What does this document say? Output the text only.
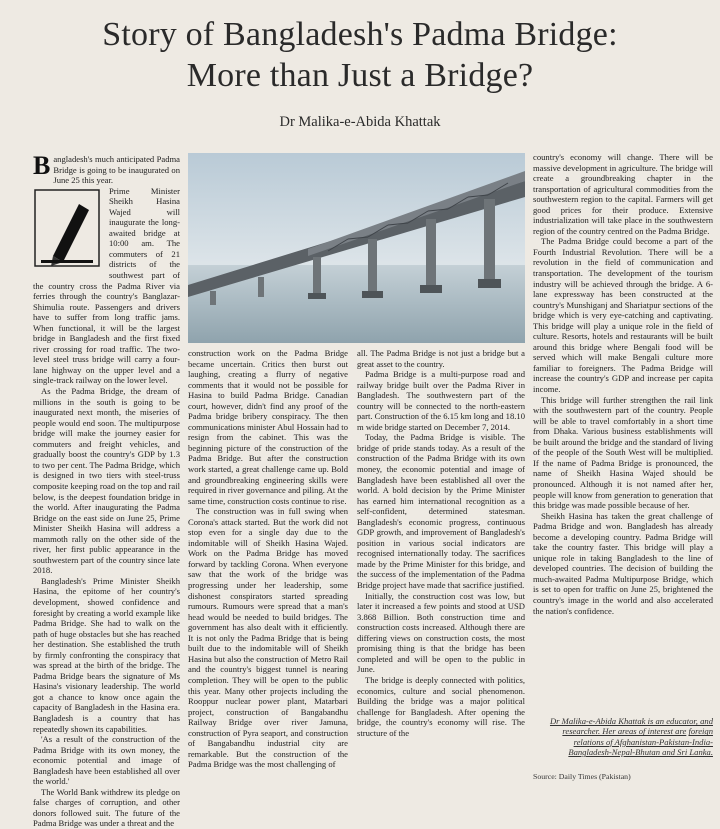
Story of Bangladesh's Padma Bridge:
More than Just a Bridge?
Dr Malika-e-Abida Khattak

Bangladesh's much anticipated Padma Bridge is going to be inaugurated on June 25 this year.

Prime Minister Sheikh Hasina Wajed will inaugurate the long-awaited bridge at 10:00 am. The commuters of 21 districts of the southwest part of the country cross the Padma River via ferries through the country's Banglazar-Shimulia route. Passengers and drivers have to suffer from long traffic jams. When functional, it will be the largest bridge in Bangladesh and the first fixed river crossing for road traffic. The two-level steel truss bridge will carry a four-lane highway on the upper level and a single-track railway on the lower level.

As the Padma Bridge, the dream of millions in the south is going to be inaugurated next month, the miseries of people would end soon. The multipurpose bridge will make the journey easier for commuters and freight vehicles, and gradually boost the country's GDP by 1.3 to two per cent. The Padma Bridge, which is designed in two tiers with steel-truss composite keeping road on the top and rail below, is the deepest foundation bridge in the world. After inaugurating the Padma Bridge on the east side on June 25, Prime Minister Sheikh Hasina will address a mammoth rally on the other side of the river, her first public appearance in the southwestern part of the country since late 2018.

Bangladesh's Prime Minister Sheikh Hasina, the epitome of her country's development, showed confidence and foresight by creating a world example like Padma Bridge. She had to walk on the path of huge obstacles but she has reached her destination. She established the truth by firmly confronting the conspiracy that was spread at the birth of the bridge. The Padma Bridge bears the signature of Ms Hasina's visionary leadership. The world got a chance to know once again the capacity of Bangladesh in the Hasina era. Bangladesh is a country that has repeatedly shown its capabilities.

'As a result of the construction of the Padma Bridge with its own money, the economic potential and image of Bangladesh have been established all over the world.'

The World Bank withdrew its pledge on false charges of corruption, and other donors followed suit. The future of the Padma Bridge was under a threat and the

construction work on the Padma Bridge became uncertain. Critics then burst out laughing, creating a flurry of negative comments that it would not be possible for Hasina to build Padma Bridge. Canadian court, however, didn't find any proof of the Padma bridge bribery conspiracy. The then communications minister Abul Hossain had to resign from the cabinet. This was the beginning picture of the construction of the Padma Bridge. But after the construction work started, a great challenge came up. Bold and groundbreaking engineering skills were required in river governance and piling. At the same time, construction costs continue to rise.

The construction was in full swing when Corona's attack started. But the work did not stop even for a single day due to the indomitable will of Sheikh Hasina Wajed. Work on the Padma Bridge has moved forward by tackling Corona. When everyone saw that the work of the bridge was progressing under her leadership, some dishonest conspirators started spreading rumours. Rumours were spread that a man's head would be needed to build bridges. The government has also dealt with it efficiently. It is not only the Padma Bridge that is being built due to the indomitable will of Sheikh Hasina but also the construction of Metro Rail and the country's biggest tunnel is nearing completion. They will be open to the public this year. Many other projects including the Rooppur nuclear power plant, Matarbari project, construction of Bangabandhu Railway Bridge over river Jamuna, construction of Pyra seaport, and construction of Bangabandhu industrial city are remarkable. But the construction of the Padma Bridge was the most challenging of

all. The Padma Bridge is not just a bridge but a great asset to the country.

Padma Bridge is a multi-purpose road and railway bridge built over the Padma River in Bangladesh. The southwestern part of the country will be connected to the north-eastern part. Construction of the 6.15 km long and 18.10 m wide bridge started on December 7, 2014.

Today, the Padma Bridge is visible. The bridge of pride stands today. As a result of the construction of the Padma Bridge with its own money, the economic potential and image of Bangladesh have been established all over the world. A bold decision by the Prime Minister has earned him international recognition as a self-confident, determined statesman. Bangladesh's economic progress, continuous GDP growth, and improvement of Bangladesh's position in various social indicators are recognised internationally today. The sacrifices made by the Prime Minister for this bridge, and the success of the implementation of the Padma Bridge project have made that sacrifice justified.

Initially, the construction cost was low, but later it increased a few points and stood at USD 3.868 Billion. Both construction time and construction costs increased. Although there are differing views on construction costs, the most promising thing is that the bridge has been completed and will be open to the public in June.

The bridge is deeply connected with politics, economics, culture and social phenomenon. Building the bridge was a major political challenge for Bangladesh. After opening the bridge, the country's economy will rise. The structure of the

country's economy will change. There will be massive development in agriculture. The bridge will create a groundbreaking chapter in the transportation of agricultural commodities from the southwestern region to the capital. Farmers will get good prices for their produce. Extensive industrialization will take place in the southwestern region of the country centred on the Padma Bridge.

The Padma Bridge could become a part of the Fourth Industrial Revolution. There will be a revolution in the field of communication and transportation. The development of the tourism industry will be achieved through the bridge. A 6-lane expressway has been constructed at the country's Munshiganj and Shariatpur sections of the bridge which is very eye-catching and captivating. This bridge will play a unique role in the field of culture. Resorts, hotels and restaurants will be built around this bridge where Bengali food will be served which will make Bengali culture more familiar to foreigners. The Padma Bridge will increase the country's GDP and increase per capita income.

This bridge will further strengthen the rail link with the southwestern part of the country. People will be able to travel comfortably in a short time from Dhaka. Various business establishments will be built around the bridge and the standard of living of the people of the South West will be multiplied. If the name of Padma Bridge is pronounced, the name of Sheikh Hasina Wajed should be pronounced. Although it is not named after her, people will know from generation to generation that this bridge was made possible because of her.

Sheikh Hasina has taken the great challenge of Padma Bridge and won. Bangladesh has already become a developing country. Padma Bridge will take the country faster. This bridge will play a unique role in taking Bangladesh to the line of developed countries. The decision of building the much-awaited Padma Multipurpose Bridge, which is set to open for traffic on June 25, brightened the country's image in the world and also accelerated the nation's confidence.

Dr Malika-e-Abida Khattak is an educator, and researcher. Her areas of interest are foreign relations of Afghanistan-Pakistan-India-Bangladesh-Nepal-Bhutan and Sri Lanka.
Source: Daily Times (Pakistan)
